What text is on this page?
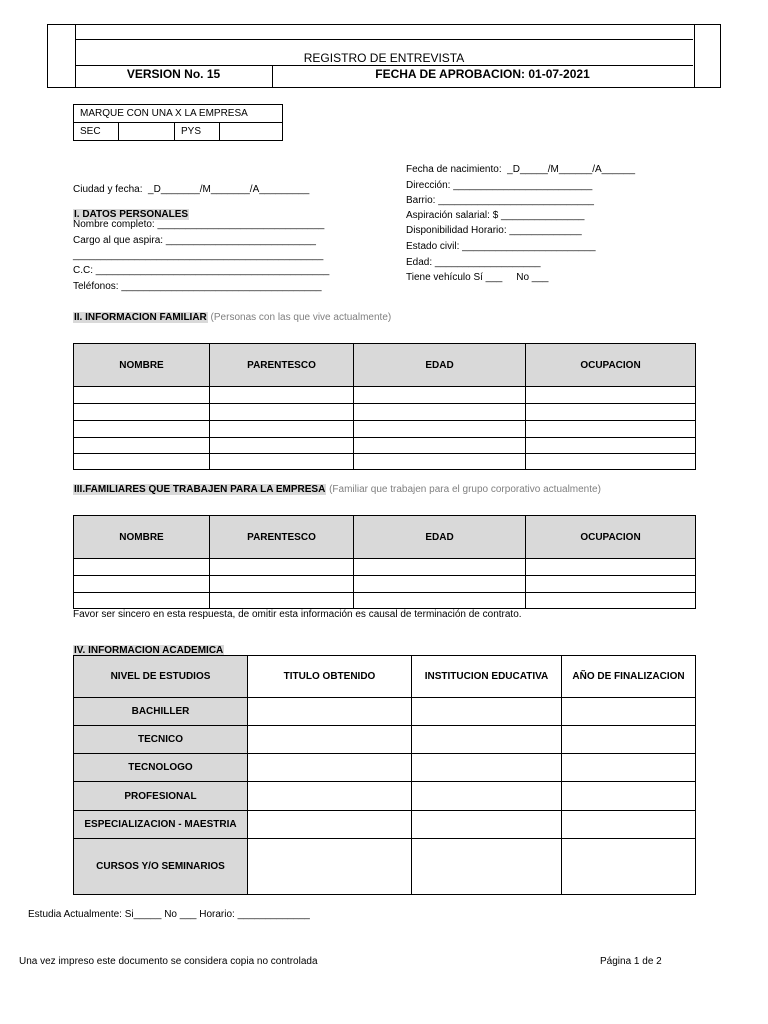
REGISTRO DE ENTREVISTA
VERSION No. 15	FECHA DE APROBACION: 01-07-2021
MARQUE CON UNA X LA EMPRESA
SEC		PYS	
Fecha de nacimiento:  _D_____/M______/A______
Dirección: _________________________
Barrio: ____________________________
Aspiración salarial: $ _______________
Disponibilidad Horario: _____________
Estado civil: ________________________
Edad: ___________________
Tiene vehículo Sí ___     No ___
Ciudad y fecha:  _D_______/M_______/A_________
I. DATOS PERSONALES
Nombre completo: ______________________________
Cargo al que aspira: ___________________________
_____________________________________________
C.C: __________________________________________
Teléfonos: ____________________________________
II. INFORMACION FAMILIAR (Personas con las que vive actualmente)
NOMBRE	PARENTESCO	EDAD	OCUPACION

III.FAMILIARES QUE TRABAJEN PARA LA EMPRESA (Familiar que trabajen para el grupo corporativo actualmente)
NOMBRE	PARENTESCO	EDAD	OCUPACION

Favor ser sincero en esta respuesta, de omitir esta información es causal de terminación de contrato.
IV. INFORMACION ACADEMICA
NIVEL DE ESTUDIOS	TITULO OBTENIDO	INSTITUCION EDUCATIVA	AÑO DE FINALIZACION
BACHILLER			
TECNICO			
TECNOLOGO			
PROFESIONAL			
ESPECIALIZACION - MAESTRIA			
CURSOS Y/O SEMINARIOS			
Estudia Actualmente: Si_____ No ___ Horario: _____________
Una vez impreso este documento se considera copia no controlada	Página 1 de 2
